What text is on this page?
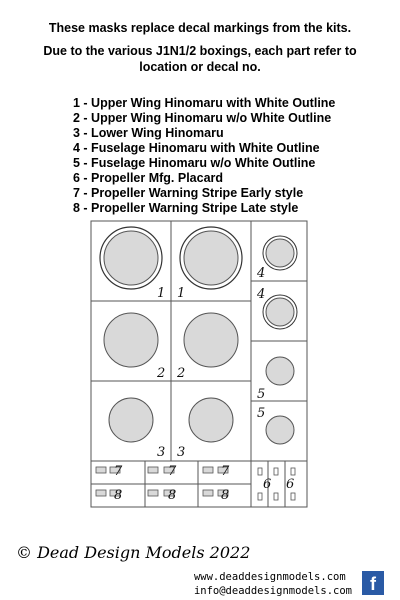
These masks replace decal markings from the kits.
Due to the various J1N1/2 boxings, each part refer to
location or decal no.
1 - Upper Wing Hinomaru with White Outline
2 - Upper Wing Hinomaru w/o White Outline
3 - Lower Wing Hinomaru
4 - Fuselage Hinomaru with White Outline
5 - Fuselage Hinomaru w/o White Outline
6 - Propeller Mfg. Placard
7 - Propeller Warning Stripe Early style
8 - Propeller Warning Stripe Late style
1 1
2 2
3 3
4
4
5
5
6 6
7	7	7
8	8	8
© Dead Design Models 2022
www.deaddesignmodels.com
info@deaddesignmodels.com	f
